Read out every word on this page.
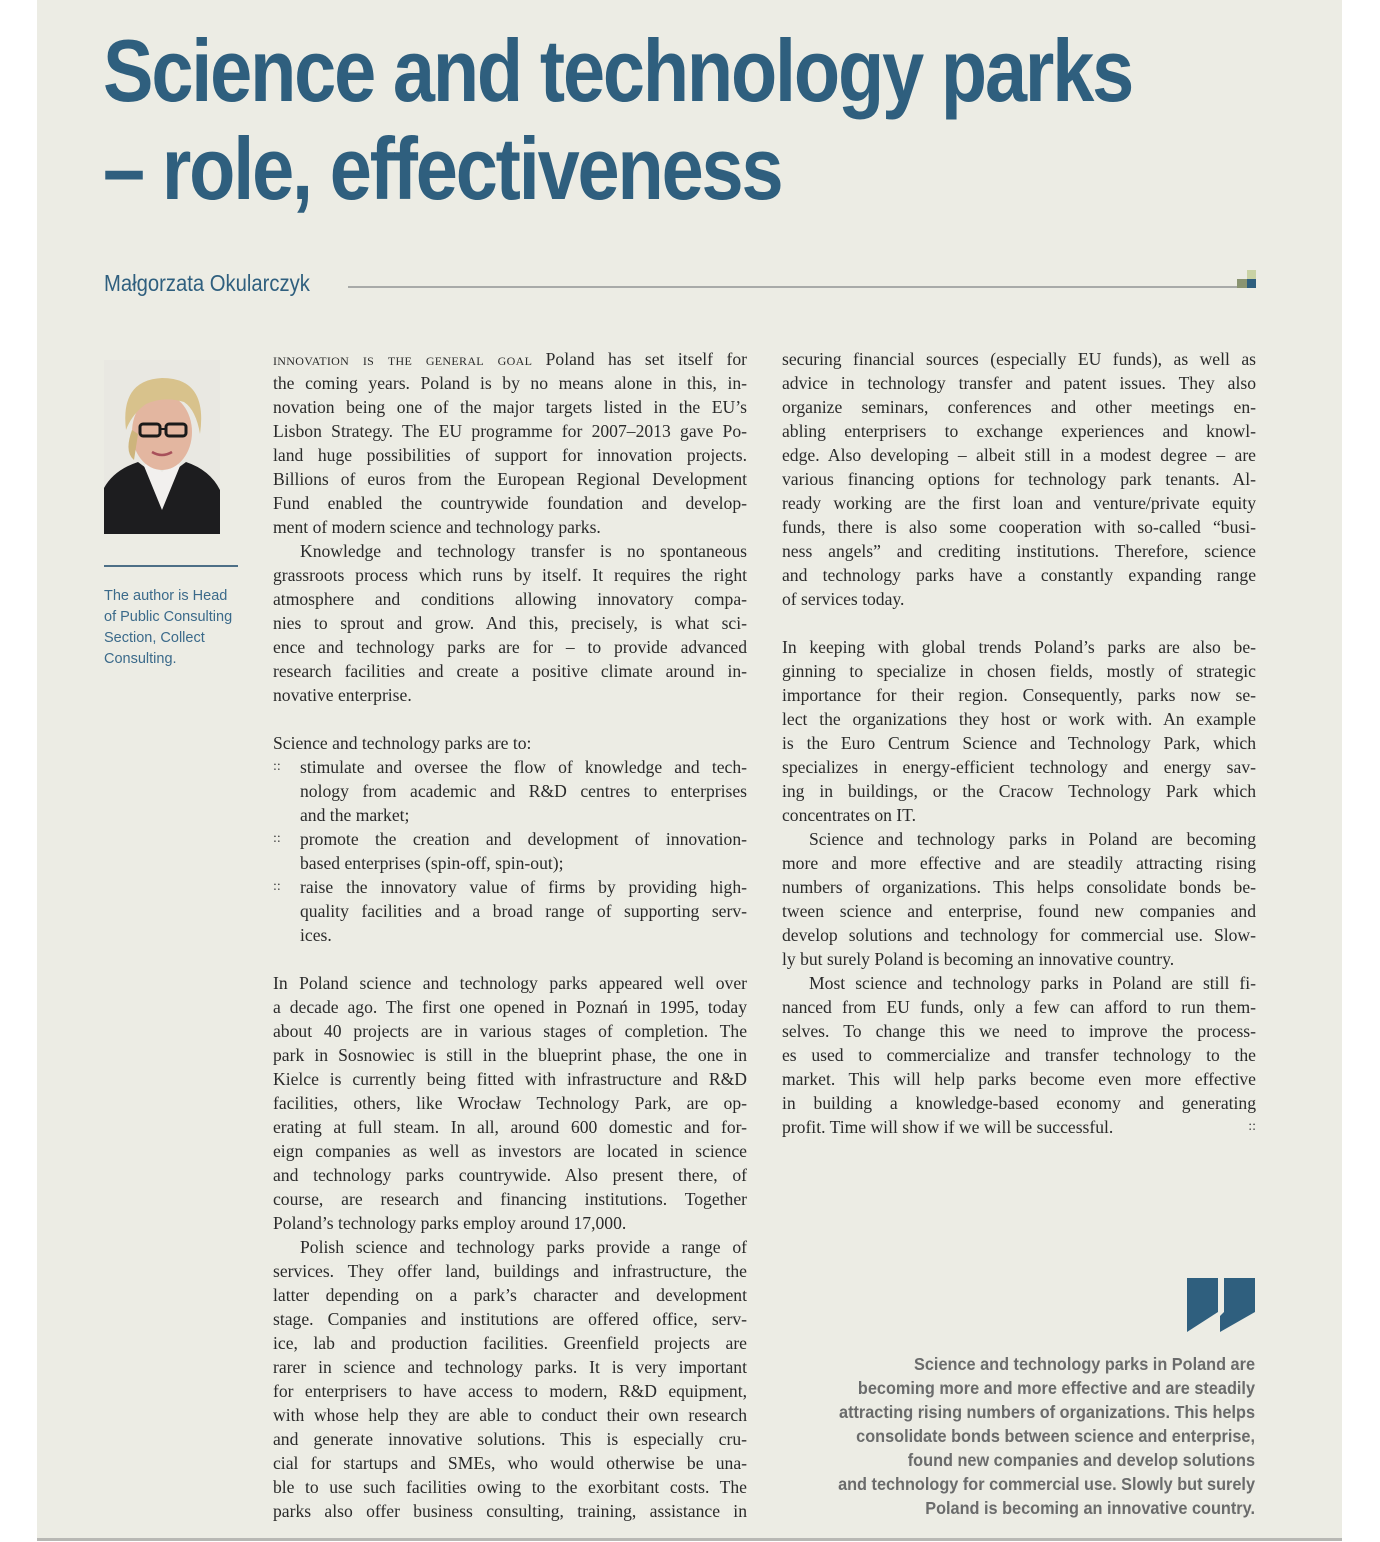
Science and technology parks
– role, effectiveness
Małgorzata Okularczyk
The author is Head
of Public Consulting
Section, Collect
Consulting.
innovation is the general goal Poland has set itself for
the coming years. Poland is by no means alone in this, in-
novation being one of the major targets listed in the EU’s
Lisbon Strategy. The EU programme for 2007–2013 gave Po-
land huge possibilities of support for innovation projects.
Billions of euros from the European Regional Development
Fund enabled the countrywide foundation and develop-
ment of modern science and technology parks.
Knowledge and technology transfer is no spontaneous
grassroots process which runs by itself. It requires the right
atmosphere and conditions allowing innovatory compa-
nies to sprout and grow. And this, precisely, is what sci-
ence and technology parks are for – to provide advanced
research facilities and create a positive climate around in-
novative enterprise.
Science and technology parks are to:
:: stimulate and oversee the flow of knowledge and tech-
nology from academic and R&D centres to enterprises
and the market;
:: promote the creation and development of innovation-
based enterprises (spin-off, spin-out);
:: raise the innovatory value of firms by providing high-
quality facilities and a broad range of supporting serv-
ices.
In Poland science and technology parks appeared well over
a decade ago. The first one opened in Poznań in 1995, today
about 40 projects are in various stages of completion. The
park in Sosnowiec is still in the blueprint phase, the one in
Kielce is currently being fitted with infrastructure and R&D
facilities, others, like Wrocław Technology Park, are op-
erating at full steam. In all, around 600 domestic and for-
eign companies as well as investors are located in science
and technology parks countrywide. Also present there, of
course, are research and financing institutions. Together
Poland’s technology parks employ around 17,000.
Polish science and technology parks provide a range of
services. They offer land, buildings and infrastructure, the
latter depending on a park’s character and development
stage. Companies and institutions are offered office, serv-
ice, lab and production facilities. Greenfield projects are
rarer in science and technology parks. It is very important
for enterprisers to have access to modern, R&D equipment,
with whose help they are able to conduct their own research
and generate innovative solutions. This is especially cru-
cial for startups and SMEs, who would otherwise be una-
ble to use such facilities owing to the exorbitant costs. The
parks also offer business consulting, training, assistance in
securing financial sources (especially EU funds), as well as
advice in technology transfer and patent issues. They also
organize seminars, conferences and other meetings en-
abling enterprisers to exchange experiences and knowl-
edge. Also developing – albeit still in a modest degree – are
various financing options for technology park tenants. Al-
ready working are the first loan and venture/private equity
funds, there is also some cooperation with so-called “busi-
ness angels” and crediting institutions. Therefore, science
and technology parks have a constantly expanding range
of services today.
In keeping with global trends Poland’s parks are also be-
ginning to specialize in chosen fields, mostly of strategic
importance for their region. Consequently, parks now se-
lect the organizations they host or work with. An example
is the Euro Centrum Science and Technology Park, which
specializes in energy-efficient technology and energy sav-
ing in buildings, or the Cracow Technology Park which
concentrates on IT.
Science and technology parks in Poland are becoming
more and more effective and are steadily attracting rising
numbers of organizations. This helps consolidate bonds be-
tween science and enterprise, found new companies and
develop solutions and technology for commercial use. Slow-
ly but surely Poland is becoming an innovative country.
Most science and technology parks in Poland are still fi-
nanced from EU funds, only a few can afford to run them-
selves. To change this we need to improve the process-
es used to commercialize and transfer technology to the
market. This will help parks become even more effective
in building a knowledge-based economy and generating
profit. Time will show if we will be successful.	::
Science and technology parks in Poland are
becoming more and more effective and are steadily
attracting rising numbers of organizations. This helps
consolidate bonds between science and enterprise,
found new companies and develop solutions
and technology for commercial use. Slowly but surely
Poland is becoming an innovative country.
